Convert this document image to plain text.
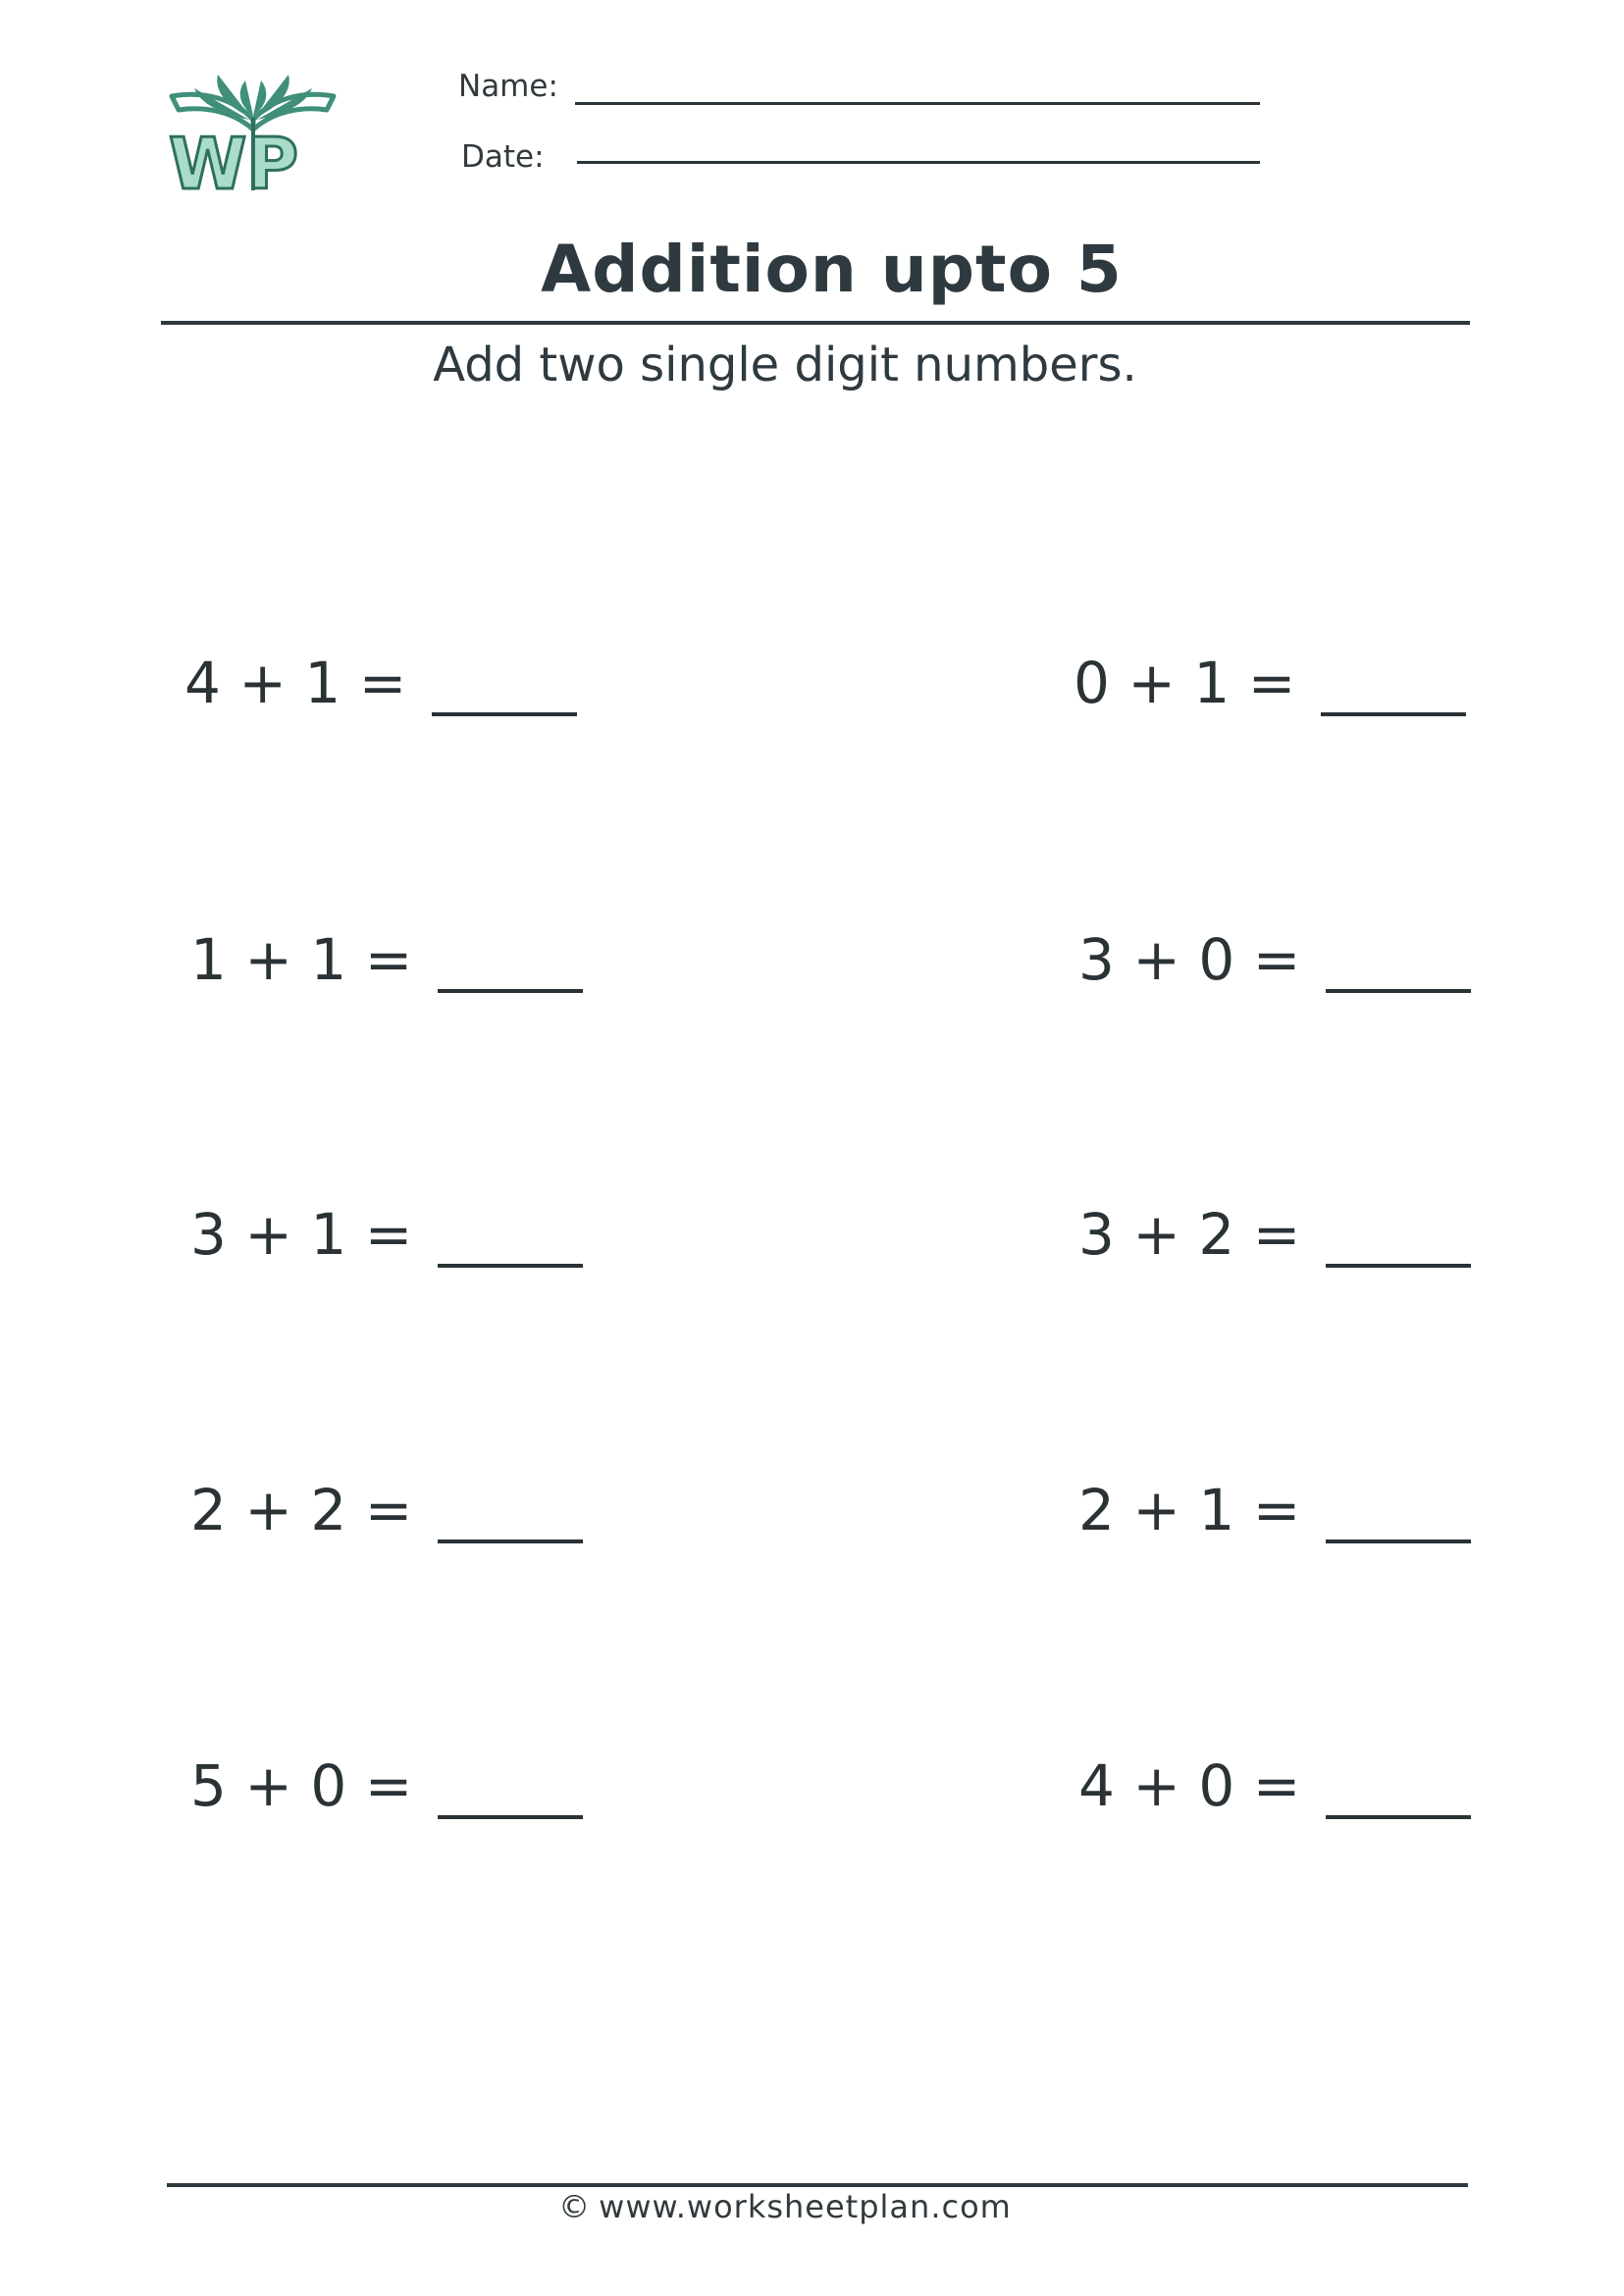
WP
Name:
Date:
Addition upto 5
Add two single digit numbers.
4 + 1 =	0 + 1 =
1 + 1 =	3 + 0 =
3 + 1 =	3 + 2 =
2 + 2 =	2 + 1 =
5 + 0 =	4 + 0 =
© www.worksheetplan.com
